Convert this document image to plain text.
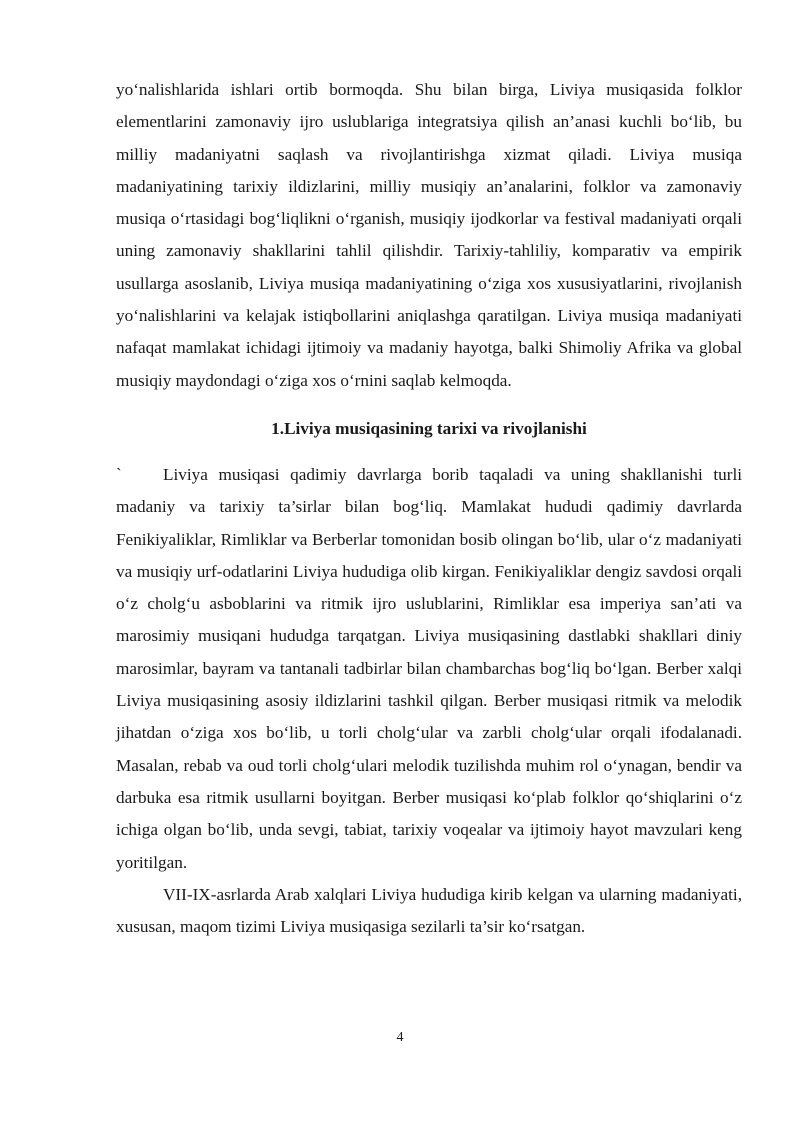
yoʻnalishlarida ishlari ortib bormoqda. Shu bilan birga, Liviya musiqasida folklor elementlarini zamonaviy ijro uslublariga integratsiya qilish an’anasi kuchli boʻlib, bu milliy madaniyatni saqlash va rivojlantirishga xizmat qiladi. Liviya musiqa madaniyatining tarixiy ildizlarini, milliy musiqiy an’analarini, folklor va zamonaviy musiqa oʻrtasidagi bogʻliqlikni oʻrganish, musiqiy ijodkorlar va festival madaniyati orqali uning zamonaviy shakllarini tahlil qilishdir. Tarixiy-tahliliy, komparativ va empirik usullarga asoslanib, Liviya musiqa madaniyatining oʻziga xos xususiyatlarini, rivojlanish yoʻnalishlarini va kelajak istiqbollarini aniqlashga qaratilgan. Liviya musiqa madaniyati nafaqat mamlakat ichidagi ijtimoiy va madaniy hayotga, balki Shimoliy Afrika va global musiqiy maydondagi oʻziga xos oʻrnini saqlab kelmoqda.

1.Liviya musiqasining tarixi va rivojlanishi
`	Liviya musiqasi qadimiy davrlarga borib taqaladi va uning shakllanishi turli madaniy va tarixiy ta’sirlar bilan bogʻliq. Mamlakat hududi qadimiy davrlarda Fenikiyaliklar, Rimliklar va Berberlar tomonidan bosib olingan boʻlib, ular oʻz madaniyati va musiqiy urf-odatlarini Liviya hududiga olib kirgan. Fenikiyaliklar dengiz savdosi orqali oʻz cholgʻu asboblarini va ritmik ijro uslublarini, Rimliklar esa imperiya san’ati va marosimiy musiqani hududga tarqatgan. Liviya musiqasining dastlabki shakllari diniy marosimlar, bayram va tantanali tadbirlar bilan chambarchas bogʻliq boʻlgan. Berber xalqi Liviya musiqasining asosiy ildizlarini tashkil qilgan. Berber musiqasi ritmik va melodik jihatdan oʻziga xos boʻlib, u torli cholgʻular va zarbli cholgʻular orqali ifodalanadi. Masalan, rebab va oud torli cholgʻulari melodik tuzilishda muhim rol oʻynagan, bendir va darbuka esa ritmik usullarni boyitgan. Berber musiqasi koʻplab folklor qoʻshiqlarini oʻz ichiga olgan boʻlib, unda sevgi, tabiat, tarixiy voqealar va ijtimoiy hayot mavzulari keng yoritilgan.

VII-IX-asrlarda Arab xalqlari Liviya hududiga kirib kelgan va ularning madaniyati, xususan, maqom tizimi Liviya musiqasiga sezilarli ta’sir koʻrsatgan.

4
